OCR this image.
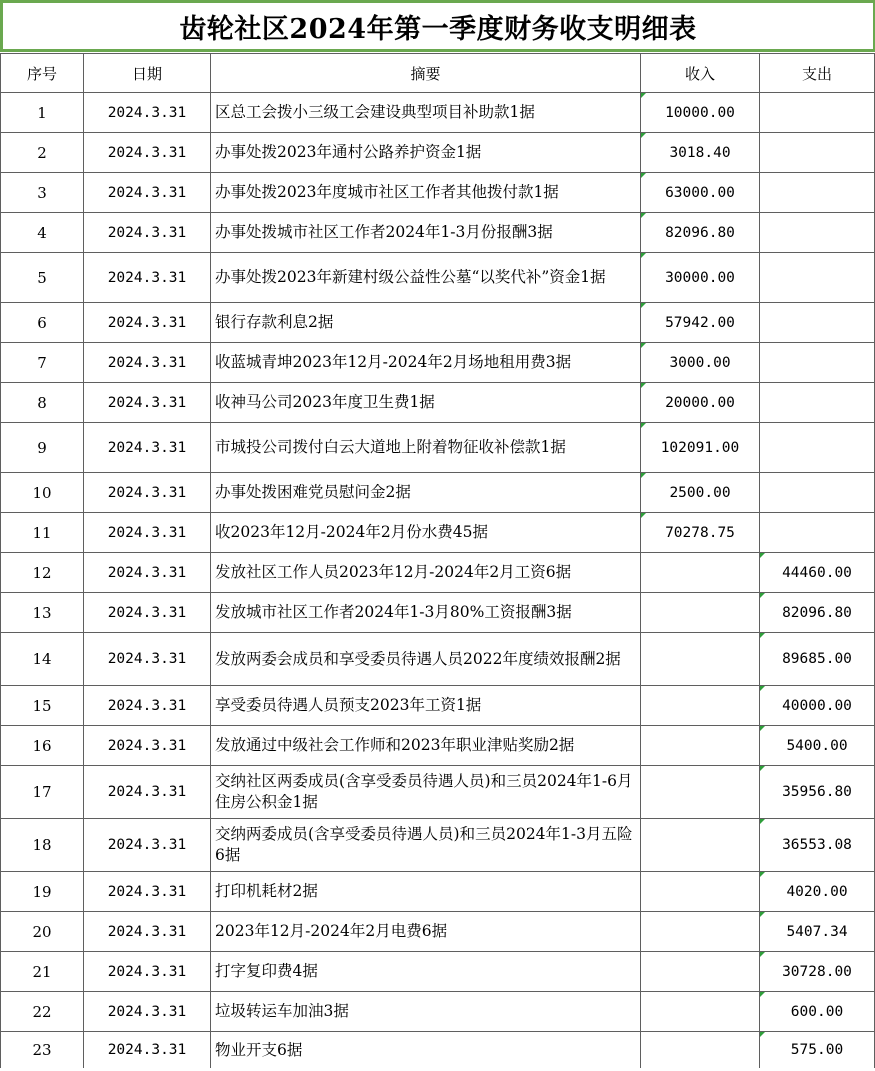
齿轮社区2024年第一季度财务收支明细表
序号	日期	摘要	收入	支出
1	2024.3.31	区总工会拨小三级工会建设典型项目补助款1据	10000.00	
2	2024.3.31	办事处拨2023年通村公路养护资金1据	3018.40	
3	2024.3.31	办事处拨2023年度城市社区工作者其他拨付款1据	63000.00	
4	2024.3.31	办事处拨城市社区工作者2024年1-3月份报酬3据	82096.80	
5	2024.3.31	办事处拨2023年新建村级公益性公墓“以奖代补”资金1据	30000.00	
6	2024.3.31	银行存款利息2据	57942.00	
7	2024.3.31	收蓝城青坤2023年12月-2024年2月场地租用费3据	3000.00	
8	2024.3.31	收神马公司2023年度卫生费1据	20000.00	
9	2024.3.31	市城投公司拨付白云大道地上附着物征收补偿款1据	102091.00	
10	2024.3.31	办事处拨困难党员慰问金2据	2500.00	
11	2024.3.31	收2023年12月-2024年2月份水费45据	70278.75	
12	2024.3.31	发放社区工作人员2023年12月-2024年2月工资6据		44460.00
13	2024.3.31	发放城市社区工作者2024年1-3月80%工资报酬3据		82096.80
14	2024.3.31	发放两委会成员和享受委员待遇人员2022年度绩效报酬2据		89685.00
15	2024.3.31	享受委员待遇人员预支2023年工资1据		40000.00
16	2024.3.31	发放通过中级社会工作师和2023年职业津贴奖励2据		5400.00
17	2024.3.31	交纳社区两委成员(含享受委员待遇人员)和三员2024年1-6月住房公积金1据		35956.80
18	2024.3.31	交纳两委成员(含享受委员待遇人员)和三员2024年1-3月五险6据		36553.08
19	2024.3.31	打印机耗材2据		4020.00
20	2024.3.31	2023年12月-2024年2月电费6据		5407.34
21	2024.3.31	打字复印费4据		30728.00
22	2024.3.31	垃圾转运车加油3据		600.00
23	2024.3.31	物业开支6据		575.00
